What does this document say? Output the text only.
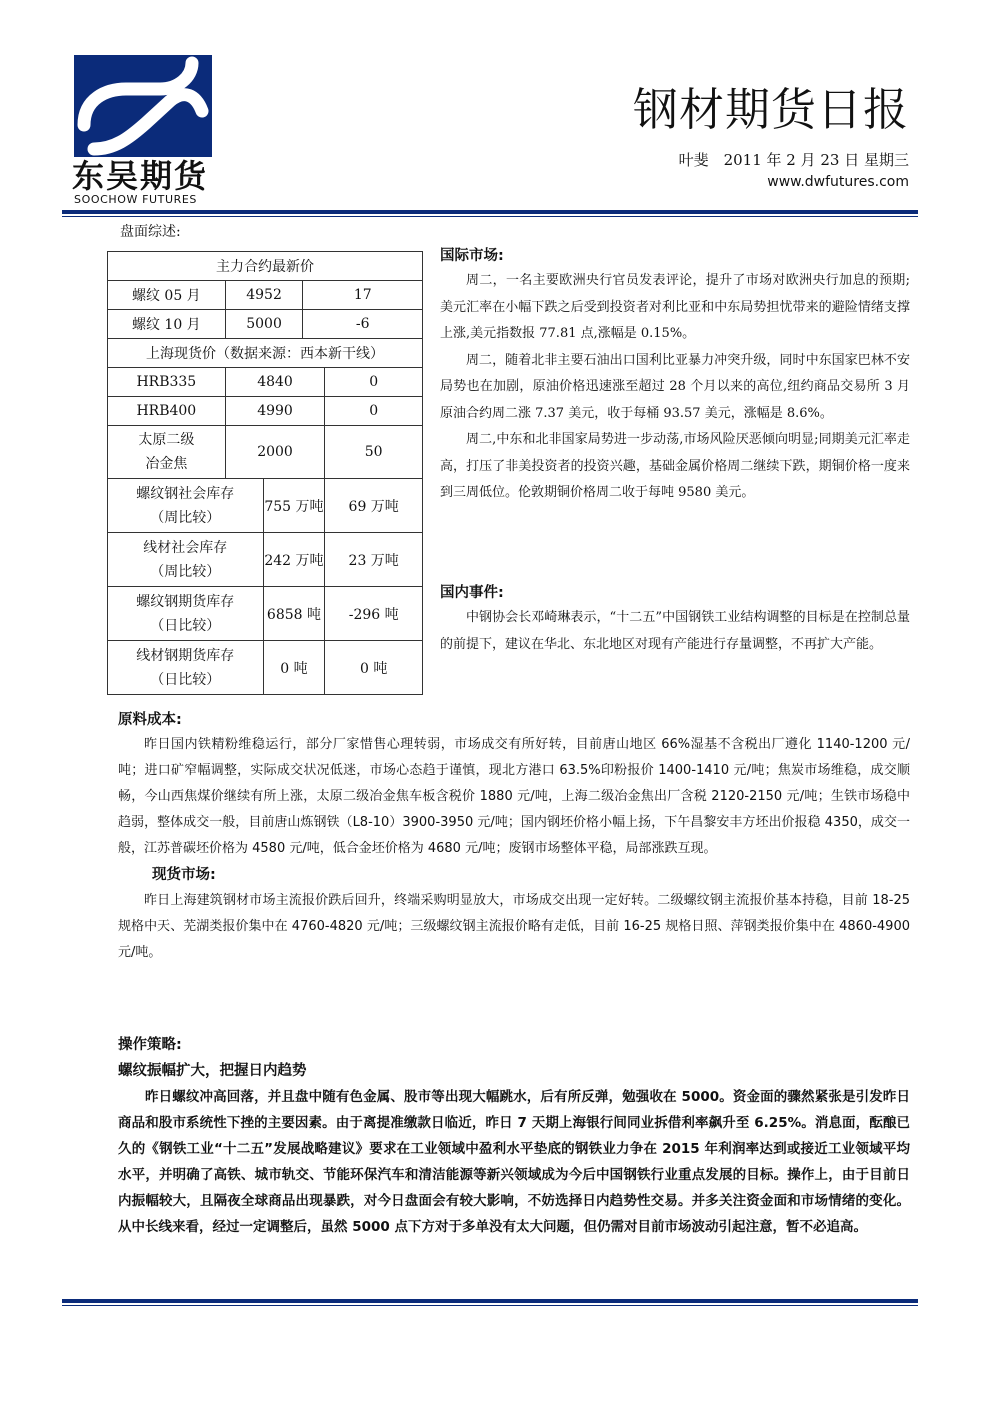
东吴期货
SOOCHOW FUTURES
钢材期货日报
叶斐　2011 年 2 月 23 日 星期三
www.dwfutures.com
盘面综述:
主力合约最新价				
螺纹 05 月	4952		17	
螺纹 10 月	5000		-6	
上海现货价（数据来源：西本新干线）				
HRB335	4840			0
HRB400	4990			0

太原二级
冶金焦	2000			50

螺纹钢社会库存
（周比较）		755 万吨		69 万吨

线材社会库存
（周比较）		242 万吨		23 万吨

螺纹钢期货库存
（日比较）		6858 吨		-296 吨

线材钢期货库存
（日比较）		0 吨		0 吨
国际市场:

周二，一名主要欧洲央行官员发表评论，提升了市场对欧洲央行加息的预期;美元汇率在小幅下跌之后受到投资者对利比亚和中东局势担忧带来的避险情绪支撑上涨,美元指数报 77.81 点,涨幅是 0.15%。

周二，随着北非主要石油出口国利比亚暴力冲突升级，同时中东国家巴林不安局势也在加剧，原油价格迅速涨至超过 28 个月以来的高位,纽约商品交易所 3 月原油合约周二涨 7.37 美元，收于每桶 93.57 美元，涨幅是 8.6%。

周二,中东和北非国家局势进一步动荡,市场风险厌恶倾向明显;同期美元汇率走高，打压了非美投资者的投资兴趣，基础金属价格周二继续下跌，期铜价格一度来到三周低位。伦敦期铜价格周二收于每吨 9580 美元。

国内事件:

中钢协会长邓崎琳表示，“十二五”中国钢铁工业结构调整的目标是在控制总量的前提下，建议在华北、东北地区对现有产能进行存量调整，不再扩大产能。

原料成本:

昨日国内铁精粉维稳运行，部分厂家惜售心理转弱，市场成交有所好转，目前唐山地区 66%湿基不含税出厂遵化 1140-1200 元/吨；进口矿窄幅调整，实际成交状况低迷，市场心态趋于谨慎，现北方港口 63.5%印粉报价 1400-1410 元/吨；焦炭市场维稳，成交顺畅，今山西焦煤价继续有所上涨，太原二级冶金焦车板含税价 1880 元/吨，上海二级冶金焦出厂含税 2120-2150 元/吨；生铁市场稳中趋弱，整体成交一般，目前唐山炼钢铁（L8-10）3900-3950 元/吨；国内钢坯价格小幅上扬，下午昌黎安丰方坯出价报稳 4350，成交一般，江苏普碳坯价格为 4580 元/吨，低合金坯价格为 4680 元/吨；废钢市场整体平稳，局部涨跌互现。

现货市场:

昨日上海建筑钢材市场主流报价跌后回升，终端采购明显放大，市场成交出现一定好转。二级螺纹钢主流报价基本持稳，目前 18-25 规格中天、芜湖类报价集中在 4760-4820 元/吨；三级螺纹钢主流报价略有走低，目前 16-25 规格日照、萍钢类报价集中在 4860-4900 元/吨。

操作策略:
螺纹振幅扩大，把握日内趋势

昨日螺纹冲高回落，并且盘中随有色金属、股市等出现大幅跳水，后有所反弹，勉强收在 5000。资金面的骤然紧张是引发昨日商品和股市系统性下挫的主要因素。由于离提准缴款日临近，昨日 7 天期上海银行间同业拆借利率飙升至 6.25%。消息面，酝酿已久的《钢铁工业“十二五”发展战略建议》要求在工业领域中盈利水平垫底的钢铁业力争在 2015 年利润率达到或接近工业领域平均水平，并明确了高铁、城市轨交、节能环保汽车和清洁能源等新兴领域成为今后中国钢铁行业重点发展的目标。操作上，由于目前日内振幅较大，且隔夜全球商品出现暴跌，对今日盘面会有较大影响，不妨选择日内趋势性交易。并多关注资金面和市场情绪的变化。从中长线来看，经过一定调整后，虽然 5000 点下方对于多单没有太大问题，但仍需对目前市场波动引起注意，暂不必追高。
